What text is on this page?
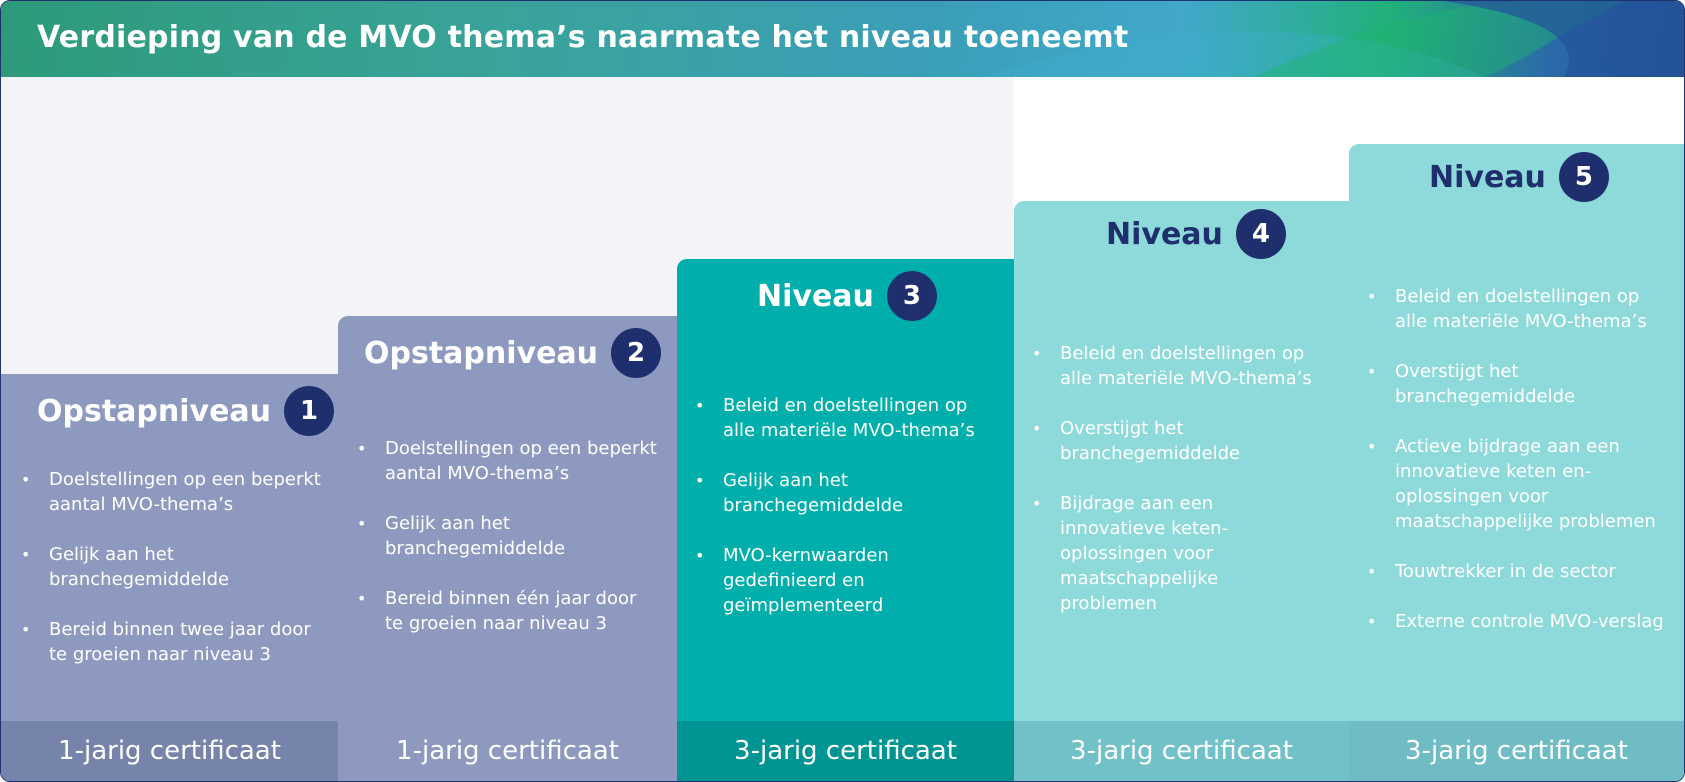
Verdieping van de MVO thema’s naarmate het niveau toeneemt
Opstapniveau	1
• Doelstellingen op een beperkt aantal MVO-thema’s
• Gelijk aan het branchegemiddelde
• Bereid binnen twee jaar door te groeien naar niveau 3
Opstapniveau	2
• Doelstellingen op een beperkt aantal MVO-thema’s
• Gelijk aan het branchegemiddelde
• Bereid binnen één jaar door te groeien naar niveau 3
Niveau	3
• Beleid en doelstellingen op alle materiële MVO-thema’s
• Gelijk aan het branchegemiddelde
• MVO-kernwaarden gedefinieerd en geïmplementeerd
Niveau	4
• Beleid en doelstellingen op alle materiële MVO-thema’s
• Overstijgt het branchegemiddelde
• Bijdrage aan een innovatieve keten-oplossingen voor maatschappelijke problemen
Niveau	5
• Beleid en doelstellingen op alle materiële MVO-thema’s
• Overstijgt het branchegemiddelde
• Actieve bijdrage aan een innovatieve keten en-oplossingen voor maatschappelijke problemen
• Touwtrekker in de sector
• Externe controle MVO-verslag
1-jarig certificaat	1-jarig certificaat	3-jarig certificaat	3-jarig certificaat	3-jarig certificaat
